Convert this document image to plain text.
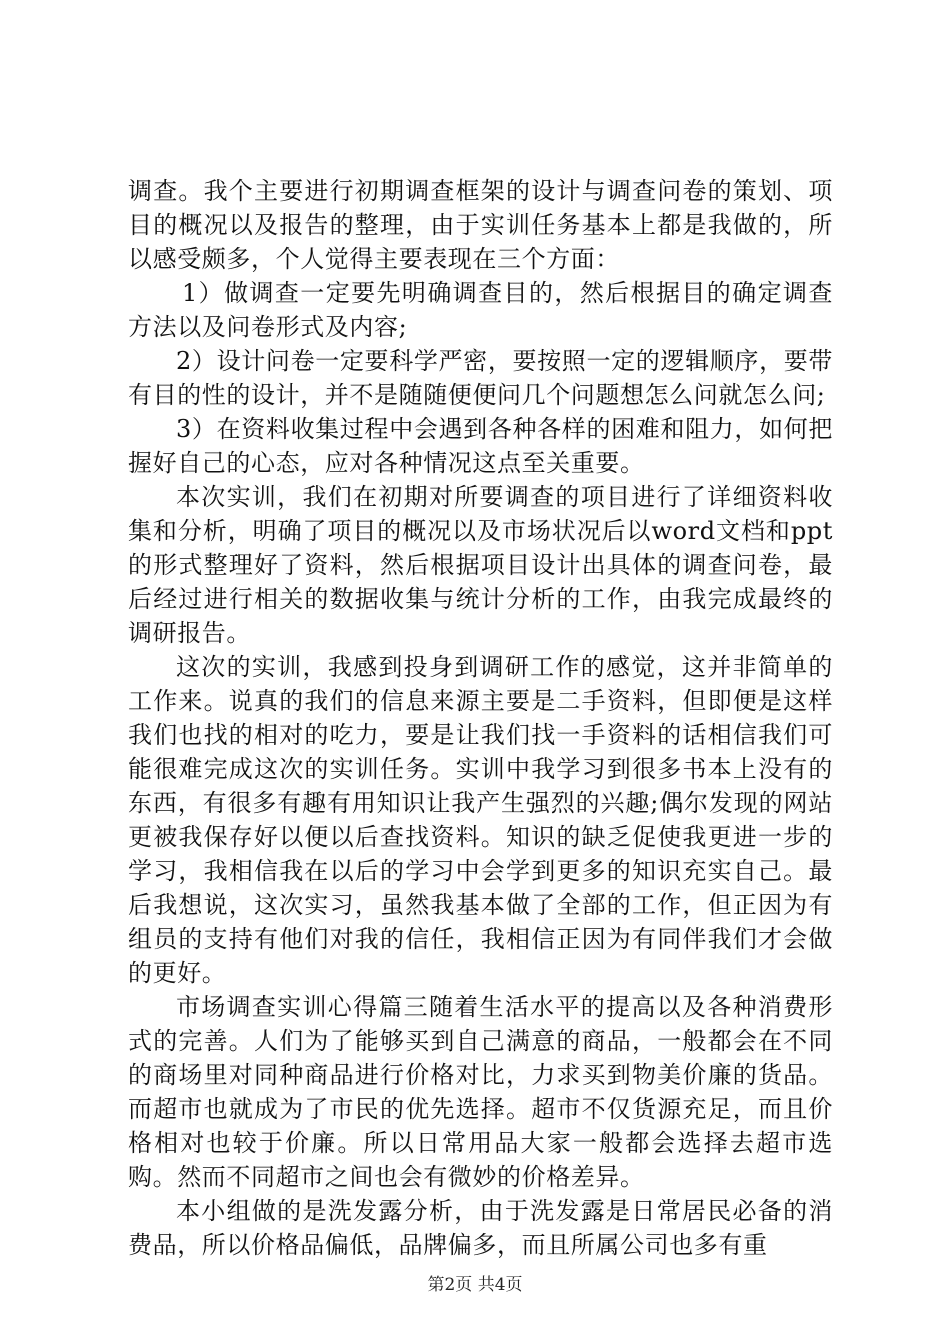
调查。我个主要进行初期调查框架的设计与调查问卷的策划、项目的概况以及报告的整理，由于实训任务基本上都是我做的，所以感受颇多，个人觉得主要表现在三个方面：

1）做调查一定要先明确调查目的，然后根据目的确定调查方法以及问卷形式及内容;

2）设计问卷一定要科学严密，要按照一定的逻辑顺序，要带有目的性的设计，并不是随随便便问几个问题想怎么问就怎么问;

3）在资料收集过程中会遇到各种各样的困难和阻力，如何把握好自己的心态，应对各种情况这点至关重要。

本次实训，我们在初期对所要调查的项目进行了详细资料收集和分析，明确了项目的概况以及市场状况后以word文档和ppt的形式整理好了资料，然后根据项目设计出具体的调查问卷，最后经过进行相关的数据收集与统计分析的工作，由我完成最终的调研报告。

这次的实训，我感到投身到调研工作的感觉，这并非简单的工作来。说真的我们的信息来源主要是二手资料，但即便是这样我们也找的相对的吃力，要是让我们找一手资料的话相信我们可能很难完成这次的实训任务。实训中我学习到很多书本上没有的东西，有很多有趣有用知识让我产生强烈的兴趣;偶尔发现的网站更被我保存好以便以后查找资料。知识的缺乏促使我更进一步的学习，我相信我在以后的学习中会学到更多的知识充实自己。最后我想说，这次实习，虽然我基本做了全部的工作，但正因为有组员的支持有他们对我的信任，我相信正因为有同伴我们才会做的更好。

市场调查实训心得篇三随着生活水平的提高以及各种消费形式的完善。人们为了能够买到自己满意的商品，一般都会在不同的商场里对同种商品进行价格对比，力求买到物美价廉的货品。而超市也就成为了市民的优先选择。超市不仅货源充足，而且价格相对也较于价廉。所以日常用品大家一般都会选择去超市选购。然而不同超市之间也会有微妙的价格差异。

本小组做的是洗发露分析，由于洗发露是日常居民必备的消费品，所以价格品偏低，品牌偏多，而且所属公司也多有重

第2页 共4页
